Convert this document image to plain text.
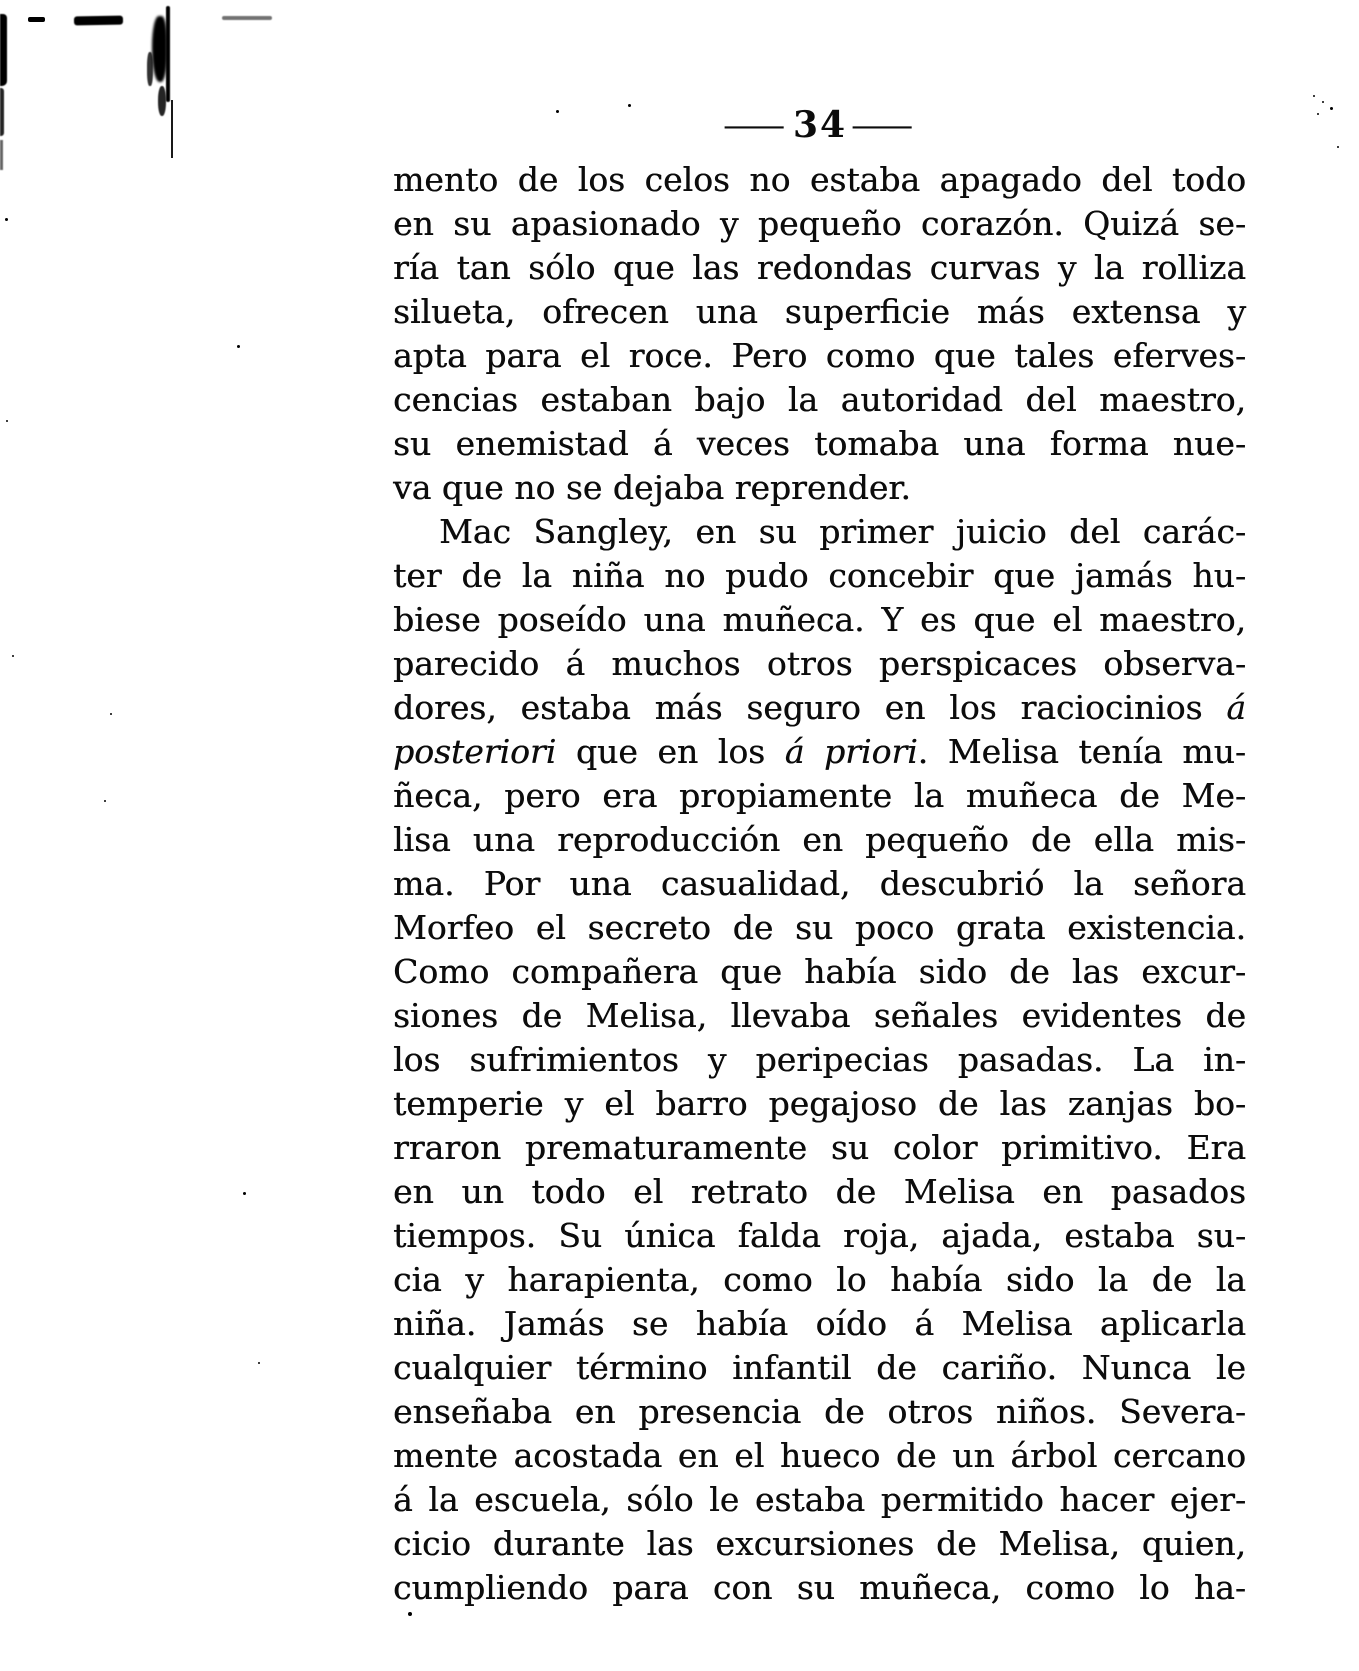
—34—
mento de los celos no estaba apagado del todo
en su apasionado y pequeño corazón. Quizá se-
ría tan sólo que las redondas curvas y la rolliza
silueta, ofrecen una superficie más extensa y
apta para el roce. Pero como que tales eferves-
cencias estaban bajo la autoridad del maestro,
su enemistad á veces tomaba una forma nue-
va que no se dejaba reprender.
Mac Sangley, en su primer juicio del carác-
ter de la niña no pudo concebir que jamás hu-
biese poseído una muñeca. Y es que el maestro,
parecido á muchos otros perspicaces observa-
dores, estaba más seguro en los raciocinios á
posteriori que en los á priori. Melisa tenía mu-
ñeca, pero era propiamente la muñeca de Me-
lisa una reproducción en pequeño de ella mis-
ma. Por una casualidad, descubrió la señora
Morfeo el secreto de su poco grata existencia.
Como compañera que había sido de las excur-
siones de Melisa, llevaba señales evidentes de
los sufrimientos y peripecias pasadas. La in-
temperie y el barro pegajoso de las zanjas bo-
rraron prematuramente su color primitivo. Era
en un todo el retrato de Melisa en pasados
tiempos. Su única falda roja, ajada, estaba su-
cia y harapienta, como lo había sido la de la
niña. Jamás se había oído á Melisa aplicarla
cualquier término infantil de cariño. Nunca le
enseñaba en presencia de otros niños. Severa-
mente acostada en el hueco de un árbol cercano
á la escuela, sólo le estaba permitido hacer ejer-
cicio durante las excursiones de Melisa, quien,
cumpliendo para con su muñeca, como lo ha-
